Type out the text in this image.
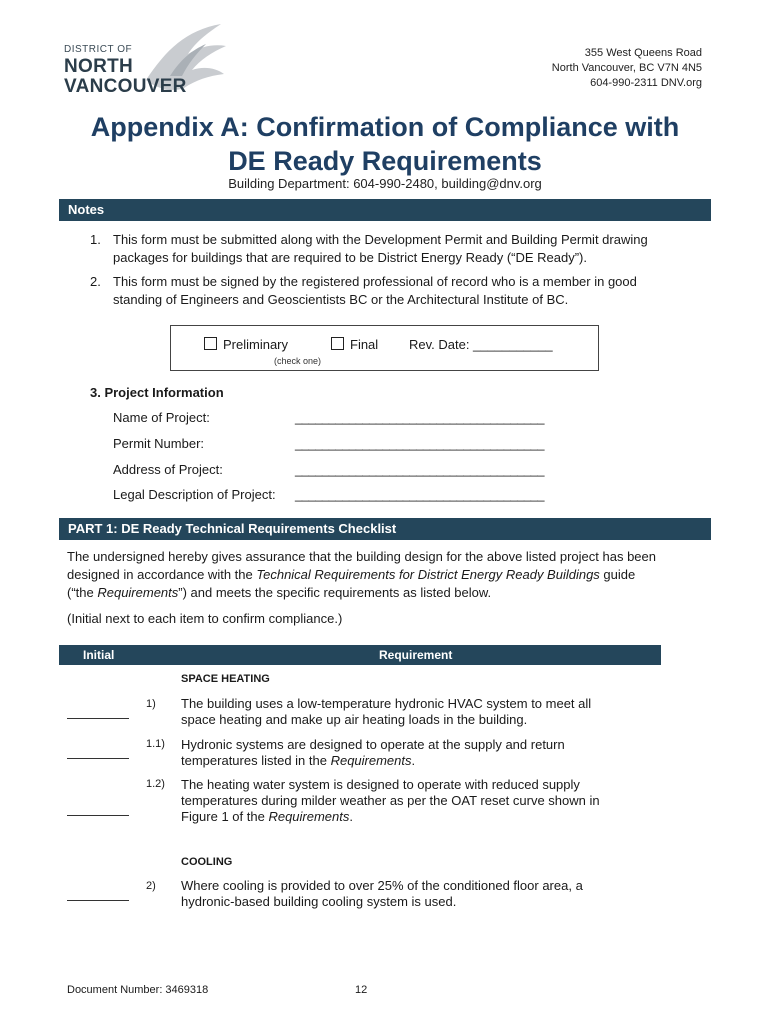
DISTRICT OF
NORTH
VANCOUVER
355 West Queens Road
North Vancouver, BC V7N 4N5
604-990-2311 DNV.org
Appendix A: Confirmation of Compliance with
DE Ready Requirements
Building Department: 604-990-2480, building@dnv.org
Notes
1. This form must be submitted along with the Development Permit and Building Permit drawing
packages for buildings that are required to be District Energy Ready (“DE Ready”).
2. This form must be signed by the registered professional of record who is a member in good
standing of Engineers and Geoscientists BC or the Architectural Institute of BC.
Preliminary	Final Rev. Date: ___________
(check one)
3. Project Information
Name of Project:	_____________________________________
Permit Number:	_____________________________________
Address of Project:	_____________________________________
Legal Description of Project: _____________________________________
PART 1: DE Ready Technical Requirements Checklist
The undersigned hereby gives assurance that the building design for the above listed project has been
designed in accordance with the Technical Requirements for District Energy Ready Buildings guide
(“the Requirements”) and meets the specific requirements as listed below.
(Initial next to each item to confirm compliance.)
Initial	Requirement
SPACE HEATING
1)	The building uses a low-temperature hydronic HVAC system to meet all
space heating and make up air heating loads in the building.
1.1)	Hydronic systems are designed to operate at the supply and return
temperatures listed in the Requirements.
1.2)	The heating water system is designed to operate with reduced supply
temperatures during milder weather as per the OAT reset curve shown in
Figure 1 of the Requirements.
COOLING
2)	Where cooling is provided to over 25% of the conditioned floor area, a
hydronic-based building cooling system is used.
Document Number: 3469318	12
